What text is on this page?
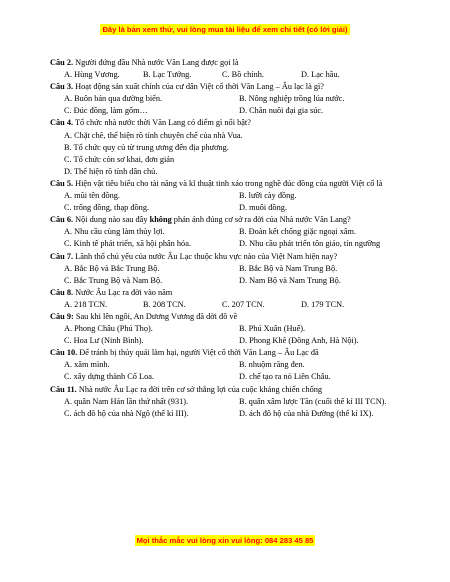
Đây là bản xem thử, vui lòng mua tài liệu để xem chi tiết (có lời giải)
Câu 2. Người đứng đầu Nhà nước Văn Lang được gọi là
A. Hùng Vương.	B. Lạc Tướng.	C. Bồ chính.	D. Lạc hầu.
Câu 3. Hoạt động sản xuất chính của cư dân Việt cổ thời Văn Lang – Âu lạc là gì?
A. Buôn bán qua đường biển.	B. Nông nghiệp trồng lúa nước.
C. Đúc đồng, làm gốm…	D. Chăn nuôi đại gia súc.
Câu 4. Tổ chức nhà nước thời Văn Lang có điểm gì nổi bật?
A. Chặt chẽ, thể hiện rõ tính chuyên chế của nhà Vua.
B. Tổ chức quy củ từ trung ương đến địa phương.
C. Tổ chức còn sơ khai, đơn giản
D. Thể hiện rõ tính dân chủ.
Câu 5. Hiện vật tiêu biểu cho tài năng và kĩ thuật tinh xảo trong nghề đúc đồng của người Việt cổ là
A. mũi tên đồng.	B. lưỡi cày đồng.
C. trống đồng, thạp đồng.	D. muôi đồng.
Câu 6. Nội dung nào sau đây không phản ánh đúng cơ sở ra đời của Nhà nước Văn Lang?
A. Nhu cầu cùng làm thủy lợi.	B. Đoàn kết chống giặc ngoại xâm.
C. Kinh tế phát triển, xã hội phân hóa.	D. Nhu cầu phát triển tôn giáo, tín ngưỡng
Câu 7. Lãnh thổ chủ yếu của nước Âu Lạc thuộc khu vực nào của Việt Nam hiện nay?
A. Bắc Bộ và Bắc Trung Bộ.	B. Bắc Bộ và Nam Trung Bộ.
C. Bắc Trung Bộ và Nam Bộ.	D. Nam Bộ và Nam Trung Bộ.
Câu 8. Nước Âu Lạc ra đời vào năm
A. 218 TCN.	B. 208 TCN.	C. 207 TCN.	D. 179 TCN.
Câu 9: Sau khi lên ngôi, An Dương Vương đã dời đô về
A. Phong Châu (Phú Thọ).	B. Phú Xuân (Huế).
C. Hoa Lư (Ninh Bình).	D. Phong Khê (Đông Anh, Hà Nội).
Câu 10. Để tránh bị thủy quái làm hại, người Việt cổ thời Văn Lang – Âu Lạc đã
A. xăm mình.	B. nhuộm răng đen.
C. xây dựng thành Cổ Loa.	D. chế tạo ra nỏ Liên Châu.
Câu 11. Nhà nước Âu Lạc ra đời trên cơ sở thắng lợi của cuộc kháng chiến chống
A. quân Nam Hán lần thứ nhất (931).	B. quân xâm lược Tần (cuối thế kỉ III TCN).
C. ách đô hộ của nhà Ngô (thế kỉ III).	D. ách đô hộ của nhà Đường (thế kỉ IX).
Mọi thắc mắc vui lòng xin vui lòng: 084 283 45 85
